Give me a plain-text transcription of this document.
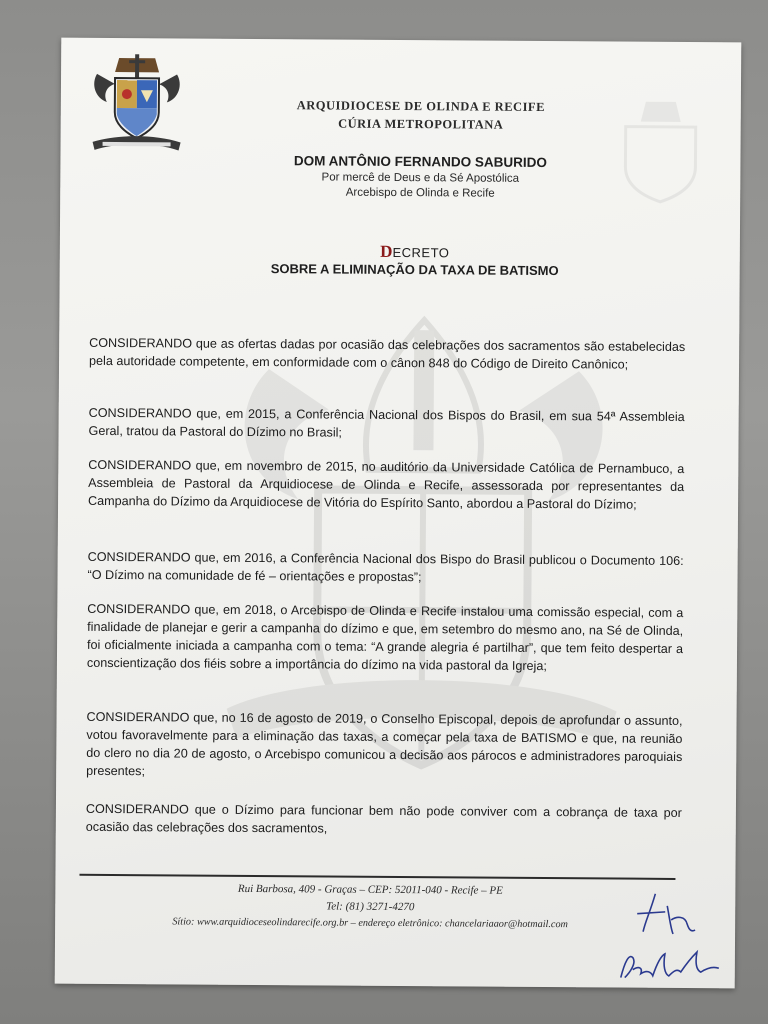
ARQUIDIOCESE DE OLINDA E RECIFE
CÚRIA METROPOLITANA
DOM ANTÔNIO FERNANDO SABURIDO
Por mercê de Deus e da Sé Apostólica
Arcebispo de Olinda e Recife
DECRETO
SOBRE A ELIMINAÇÃO DA TAXA DE BATISMO
CONSIDERANDO que as ofertas dadas por ocasião das celebrações dos sacramentos são estabelecidas pela autoridade competente, em conformidade com o cânon 848 do Código de Direito Canônico;
CONSIDERANDO que, em 2015, a Conferência Nacional dos Bispos do Brasil, em sua 54ª Assembleia Geral, tratou da Pastoral do Dízimo no Brasil;
CONSIDERANDO que, em novembro de 2015, no auditório da Universidade Católica de Pernambuco, a Assembleia de Pastoral da Arquidiocese de Olinda e Recife, assessorada por representantes da Campanha do Dízimo da Arquidiocese de Vitória do Espírito Santo, abordou a Pastoral do Dízimo;
CONSIDERANDO que, em 2016, a Conferência Nacional dos Bispo do Brasil publicou o Documento 106: “O Dízimo na comunidade de fé – orientações e propostas”;
CONSIDERANDO que, em 2018, o Arcebispo de Olinda e Recife instalou uma comissão especial, com a finalidade de planejar e gerir a campanha do dízimo e que, em setembro do mesmo ano, na Sé de Olinda, foi oficialmente iniciada a campanha com o tema: “A grande alegria é partilhar”, que tem feito despertar a conscientização dos fiéis sobre a importância do dízimo na vida pastoral da Igreja;
CONSIDERANDO que, no 16 de agosto de 2019, o Conselho Episcopal, depois de aprofundar o assunto, votou favoravelmente para a eliminação das taxas, a começar pela taxa de BATISMO e que, na reunião do clero no dia 20 de agosto, o Arcebispo comunicou a decisão aos párocos e administradores paroquiais presentes;
CONSIDERANDO que o Dízimo para funcionar bem não pode conviver com a cobrança de taxa por ocasião das celebrações dos sacramentos,
Rui Barbosa, 409 - Graças – CEP: 52011-040 - Recife – PE
Tel: (81) 3271-4270
Sítio: www.arquidioceseolindarecife.org.br – endereço eletrônico: chancelariaaor@hotmail.com
